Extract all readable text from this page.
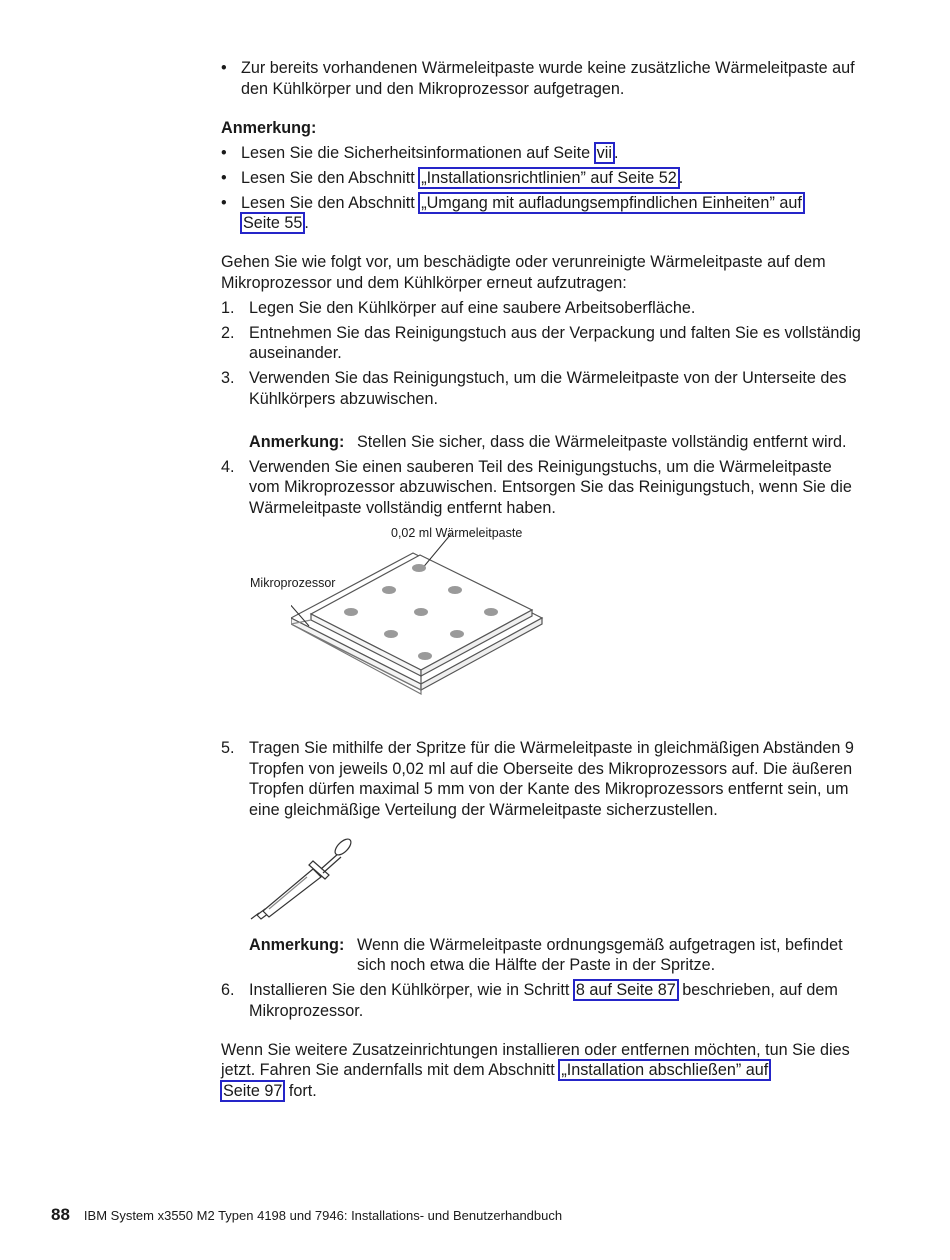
• Zur bereits vorhandenen Wärmeleitpaste wurde keine zusätzliche Wärmeleitpaste auf den Kühlkörper und den Mikroprozessor aufgetragen.

Anmerkung:

• Lesen Sie die Sicherheitsinformationen auf Seite vii .

• Lesen Sie den Abschnitt „Installationsrichtlinien” auf Seite 52 .

• Lesen Sie den Abschnitt „Umgang mit aufladungsempfindlichen Einheiten” auf
Seite 55 .

Gehen Sie wie folgt vor, um beschädigte oder verunreinigte Wärmeleitpaste auf dem Mikroprozessor und dem Kühlkörper erneut aufzutragen:

1. Legen Sie den Kühlkörper auf eine saubere Arbeitsoberfläche.
2. Entnehmen Sie das Reinigungstuch aus der Verpackung und falten Sie es vollständig auseinander.
3. Verwenden Sie das Reinigungstuch, um die Wärmeleitpaste von der Unterseite des Kühlkörpers abzuwischen.
Anmerkung: Stellen Sie sicher, dass die Wärmeleitpaste vollständig entfernt wird.
4. Verwenden Sie einen sauberen Teil des Reinigungstuchs, um die Wärmeleitpaste vom Mikroprozessor abzuwischen. Entsorgen Sie das Reinigungstuch, wenn Sie die Wärmeleitpaste vollständig entfernt haben.
0,02 ml Wärmeleitpaste
Mikroprozessor
5. Tragen Sie mithilfe der Spritze für die Wärmeleitpaste in gleichmäßigen Abständen 9 Tropfen von jeweils 0,02 ml auf die Oberseite des Mikroprozessors auf. Die äußeren Tropfen dürfen maximal 5 mm von der Kante des Mikroprozessors entfernt sein, um eine gleichmäßige Verteilung der Wärmeleitpaste sicherzustellen.
Anmerkung: Wenn die Wärmeleitpaste ordnungsgemäß aufgetragen ist, befindet sich noch etwa die Hälfte der Paste in der Spritze.
6. Installieren Sie den Kühlkörper, wie in Schritt 8 auf Seite 87 beschrieben, auf dem Mikroprozessor.

Wenn Sie weitere Zusatzeinrichtungen installieren oder entfernen möchten, tun Sie dies jetzt. Fahren Sie andernfalls mit dem Abschnitt „Installation abschließen” auf
Seite 97 fort.

88 IBM System x3550 M2 Typen 4198 und 7946: Installations- und Benutzerhandbuch
